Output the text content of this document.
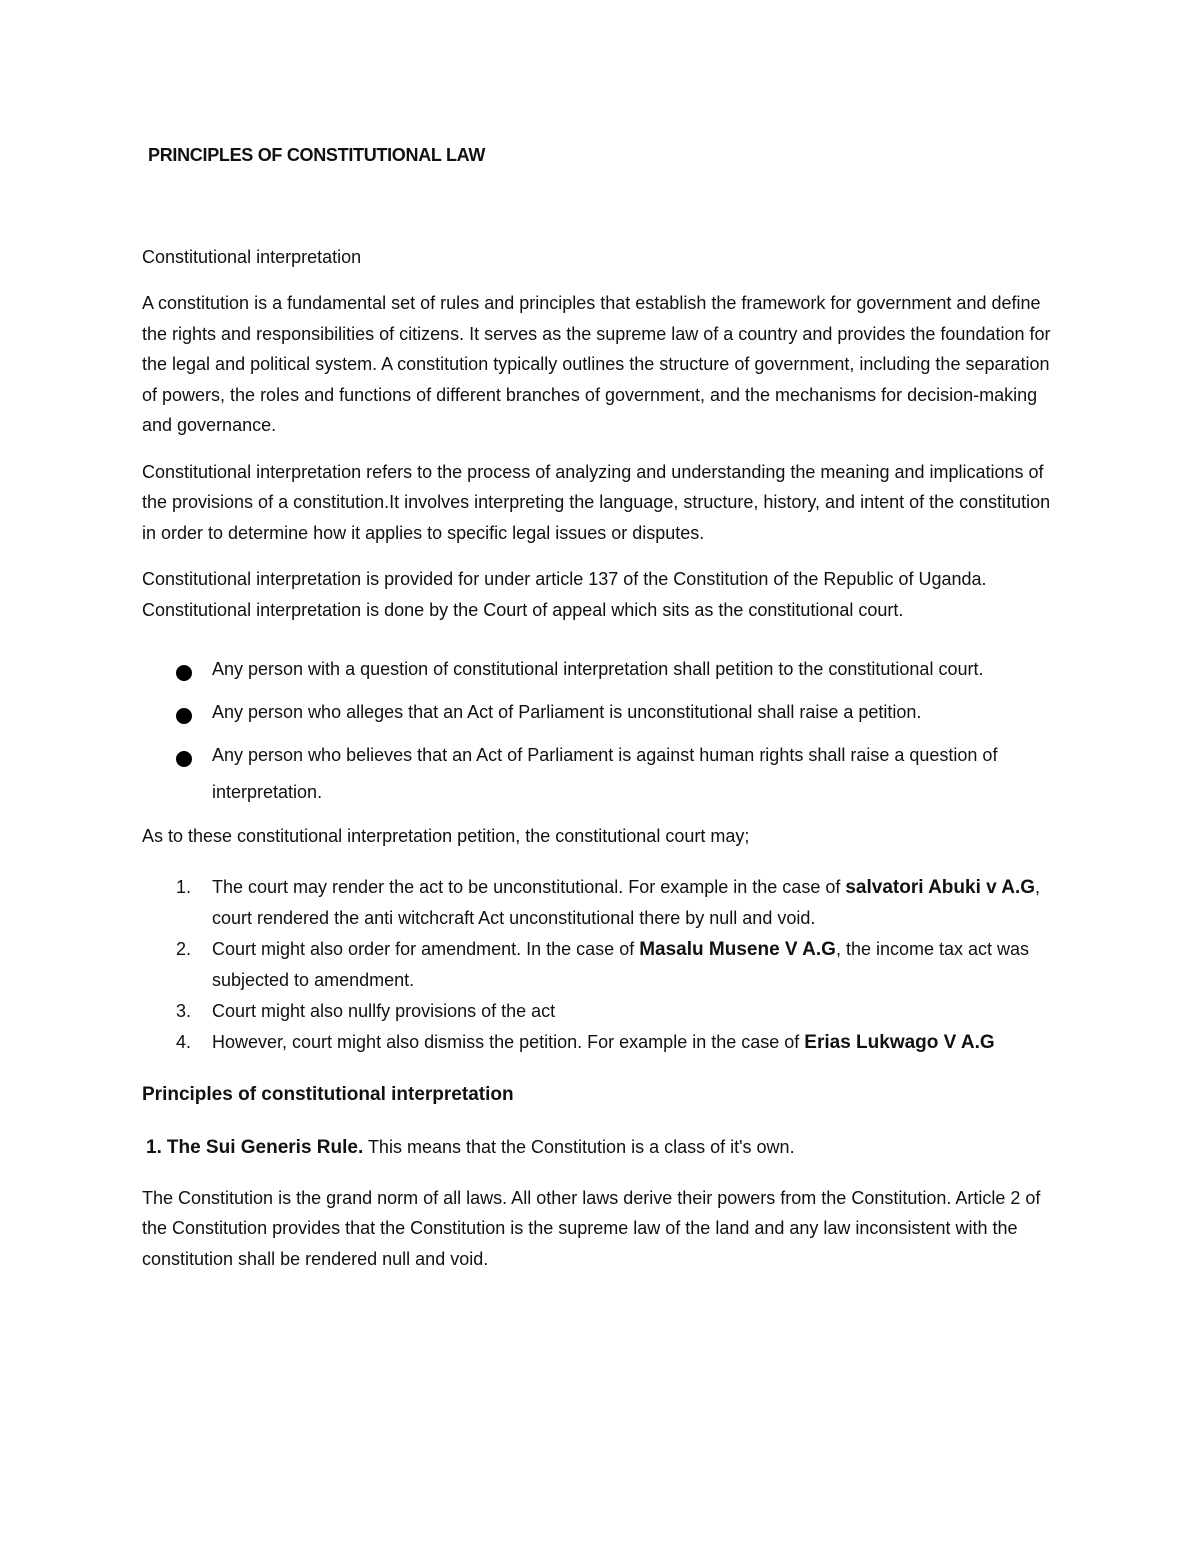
PRINCIPLES OF CONSTITUTIONAL LAW
Constitutional interpretation

A constitution is a fundamental set of rules and principles that establish the framework for government and define the rights and responsibilities of citizens. It serves as the supreme law of a country and provides the foundation for the legal and political system. A constitution typically outlines the structure of government, including the separation of powers, the roles and functions of different branches of government, and the mechanisms for decision-making and governance.

Constitutional interpretation refers to the process of analyzing and understanding the meaning and implications of the provisions of a constitution.It involves interpreting the language, structure, history, and intent of the constitution in order to determine how it applies to specific legal issues or disputes.

Constitutional interpretation is provided for under article 137 of the Constitution of the Republic of Uganda. Constitutional interpretation is done by the Court of appeal which sits as the constitutional court.

Any person with a question of constitutional interpretation shall petition to the constitutional court.
Any person who alleges that an Act of Parliament is unconstitutional shall raise a petition.
Any person who believes that an Act of Parliament is against human rights shall raise a question of interpretation.

As to these constitutional interpretation petition, the constitutional court may;

1. The court may render the act to be unconstitutional. For example in the case of salvatori Abuki v A.G, court rendered the anti witchcraft Act unconstitutional there by null and void.
2. Court might also order for amendment. In the case of Masalu Musene V A.G, the income tax act was subjected to amendment.
3. Court might also nullfy provisions of the act
4. However, court might also dismiss the petition. For example in the case of Erias Lukwago V A.G
Principles of constitutional interpretation
1. The Sui Generis Rule. This means that the Constitution is a class of it's own.

The Constitution is the grand norm of all laws. All other laws derive their powers from the Constitution. Article 2 of the Constitution provides that the Constitution is the supreme law of the land and any law inconsistent with the constitution shall be rendered null and void.
